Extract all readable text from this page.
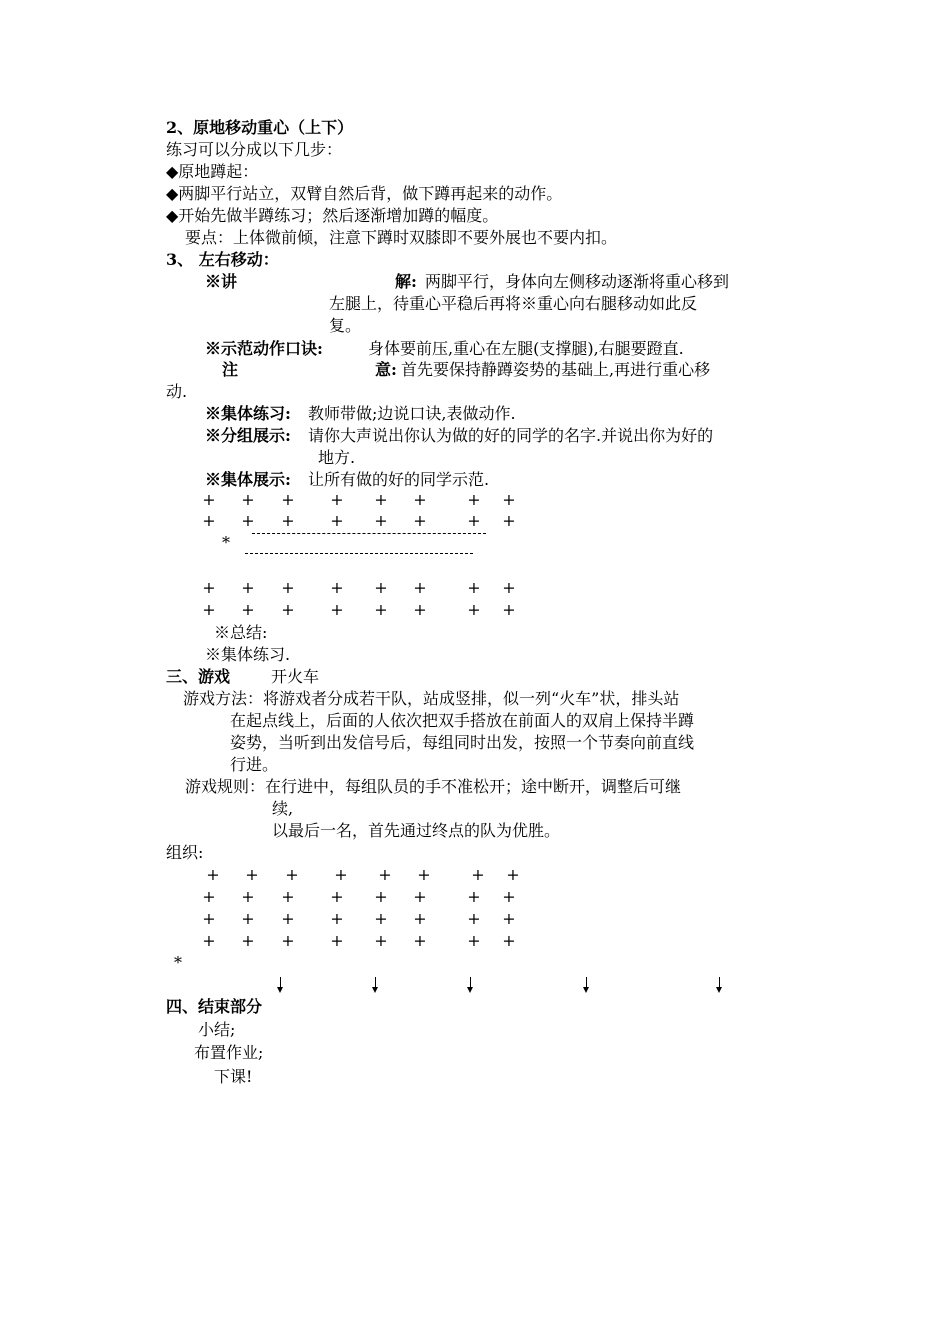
2、原地移动重心（上下）
练习可以分成以下几步：
◆原地蹲起：
◆两脚平行站立，双臂自然后背，做下蹲再起来的动作。
◆开始先做半蹲练习；然后逐渐增加蹲的幅度。
要点：上体微前倾，注意下蹲时双膝即不要外展也不要内扣。
3、 左右移动：
※讲	解: 两脚平行，身体向左侧移动逐渐将重心移到
左腿上，待重心平稳后再将※重心向右腿移动如此反
复。
※示范动作口诀:	身体要前压,重心在左腿(支撑腿),右腿要蹬直.
注	意: 首先要保持静蹲姿势的基础上,再进行重心移
动.
※集体练习: 教师带做;边说口诀,表做动作.
※分组展示: 请你大声说出你认为做的好的同学的名字.并说出你为好的
地方.
※集体展示: 让所有做的好的同学示范.
+ + + + + +	+ +
+ + + + + +	+ +
*
+ + + + + +	+ +
+ + + + + +	+ +
※总结:
※集体练习.
三、游戏	开火车
游戏方法：将游戏者分成若干队，站成竖排，似一列“火车”状，排头站
在起点线上，后面的人依次把双手搭放在前面人的双肩上保持半蹲
姿势，当听到出发信号后，每组同时出发，按照一个节奏向前直线
行进。
游戏规则：在行进中，每组队员的手不准松开；途中断开，调整后可继
续,
以最后一名，首先通过终点的队为优胜。
组织:
+ + + + + +	+ +
+ + + + + +	+ +
+ + + + + +	+ +
+ + + + + +	+ +
*
四、结束部分
小结;
布置作业;
下课!
